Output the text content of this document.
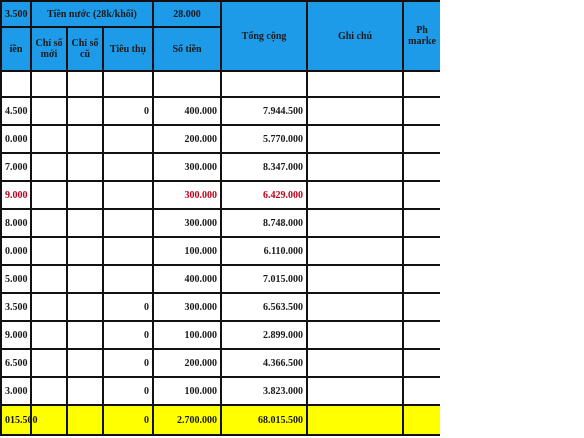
3.500	Tiền nước (28k/khối)			28.000	Tổng cộng	Ghi chú	Ph marke
iền	Chỉ số mới	Chỉ số cũ	Tiêu thụ	Số tiền			

4.500			0	400.000	7.944.500		
0.000				200.000	5.770.000		
7.000				300.000	8.347.000		
9.000				300.000	6.429.000		
8.000				300.000	8.748.000		
0.000				100.000	6.110.000		
5.000				400.000	7.015.000		
3.500			0	300.000	6.563.500		
9.000			0	100.000	2.899.000		
6.500			0	200.000	4.366.500		
3.000			0	100.000	3.823.000		
015.500			0	2.700.000	68.015.500		
